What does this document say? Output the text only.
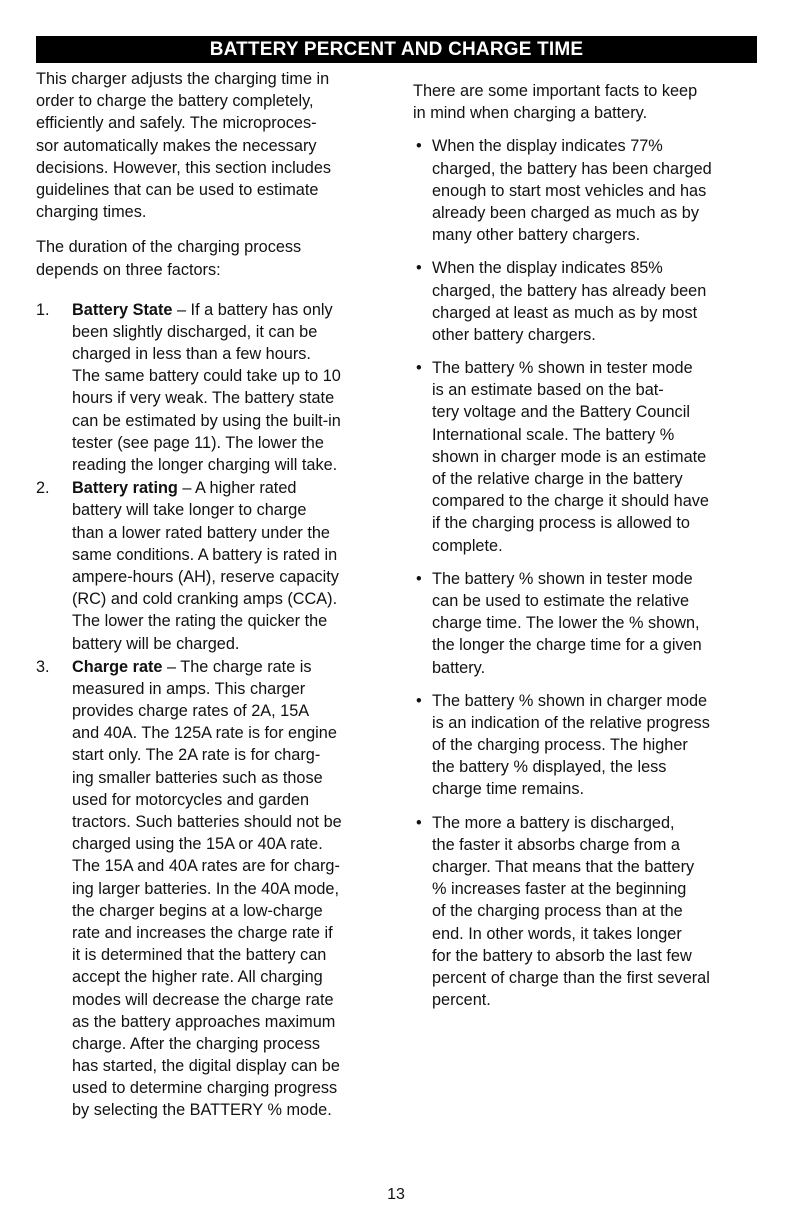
BATTERY PERCENT AND CHARGE TIME
This charger adjusts the charging time in
order to charge the battery completely,
efficiently and safely. The microproces-
sor automatically makes the necessary
decisions. However, this section includes
guidelines that can be used to estimate
charging times.
The duration of the charging process
depends on three factors:
1. Battery State – If a battery has only
been slightly discharged, it can be
charged in less than a few hours.
The same battery could take up to 10
hours if very weak. The battery state
can be estimated by using the built-in
tester (see page 11). The lower the
reading the longer charging will take.
2. Battery rating – A higher rated
battery will take longer to charge
than a lower rated battery under the
same conditions. A battery is rated in
ampere-hours (AH), reserve capacity
(RC) and cold cranking amps (CCA).
The lower the rating the quicker the
battery will be charged.
3. Charge rate – The charge rate is
measured in amps. This charger
provides charge rates of 2A, 15A
and 40A. The 125A rate is for engine
start only. The 2A rate is for charg-
ing smaller batteries such as those
used for motorcycles and garden
tractors. Such batteries should not be
charged using the 15A or 40A rate.
The 15A and 40A rates are for charg-
ing larger batteries. In the 40A mode,
the charger begins at a low-charge
rate and increases the charge rate if
it is determined that the battery can
accept the higher rate. All charging
modes will decrease the charge rate
as the battery approaches maximum
charge. After the charging process
has started, the digital display can be
used to determine charging progress
by selecting the BATTERY % mode.
There are some important facts to keep
in mind when charging a battery.
• When the display indicates 77%
charged, the battery has been charged
enough to start most vehicles and has
already been charged as much as by
many other battery chargers.
• When the display indicates 85%
charged, the battery has already been
charged at least as much as by most
other battery chargers.
• The battery % shown in tester mode
is an estimate based on the bat-
tery voltage and the Battery Council
International scale. The battery %
shown in charger mode is an estimate
of the relative charge in the battery
compared to the charge it should have
if the charging process is allowed to
complete.
• The battery % shown in tester mode
can be used to estimate the relative
charge time. The lower the % shown,
the longer the charge time for a given
battery.
• The battery % shown in charger mode
is an indication of the relative progress
of the charging process. The higher
the battery % displayed, the less
charge time remains.
• The more a battery is discharged,
the faster it absorbs charge from a
charger. That means that the battery
% increases faster at the beginning
of the charging process than at the
end. In other words, it takes longer
for the battery to absorb the last few
percent of charge than the first several
percent.
13
